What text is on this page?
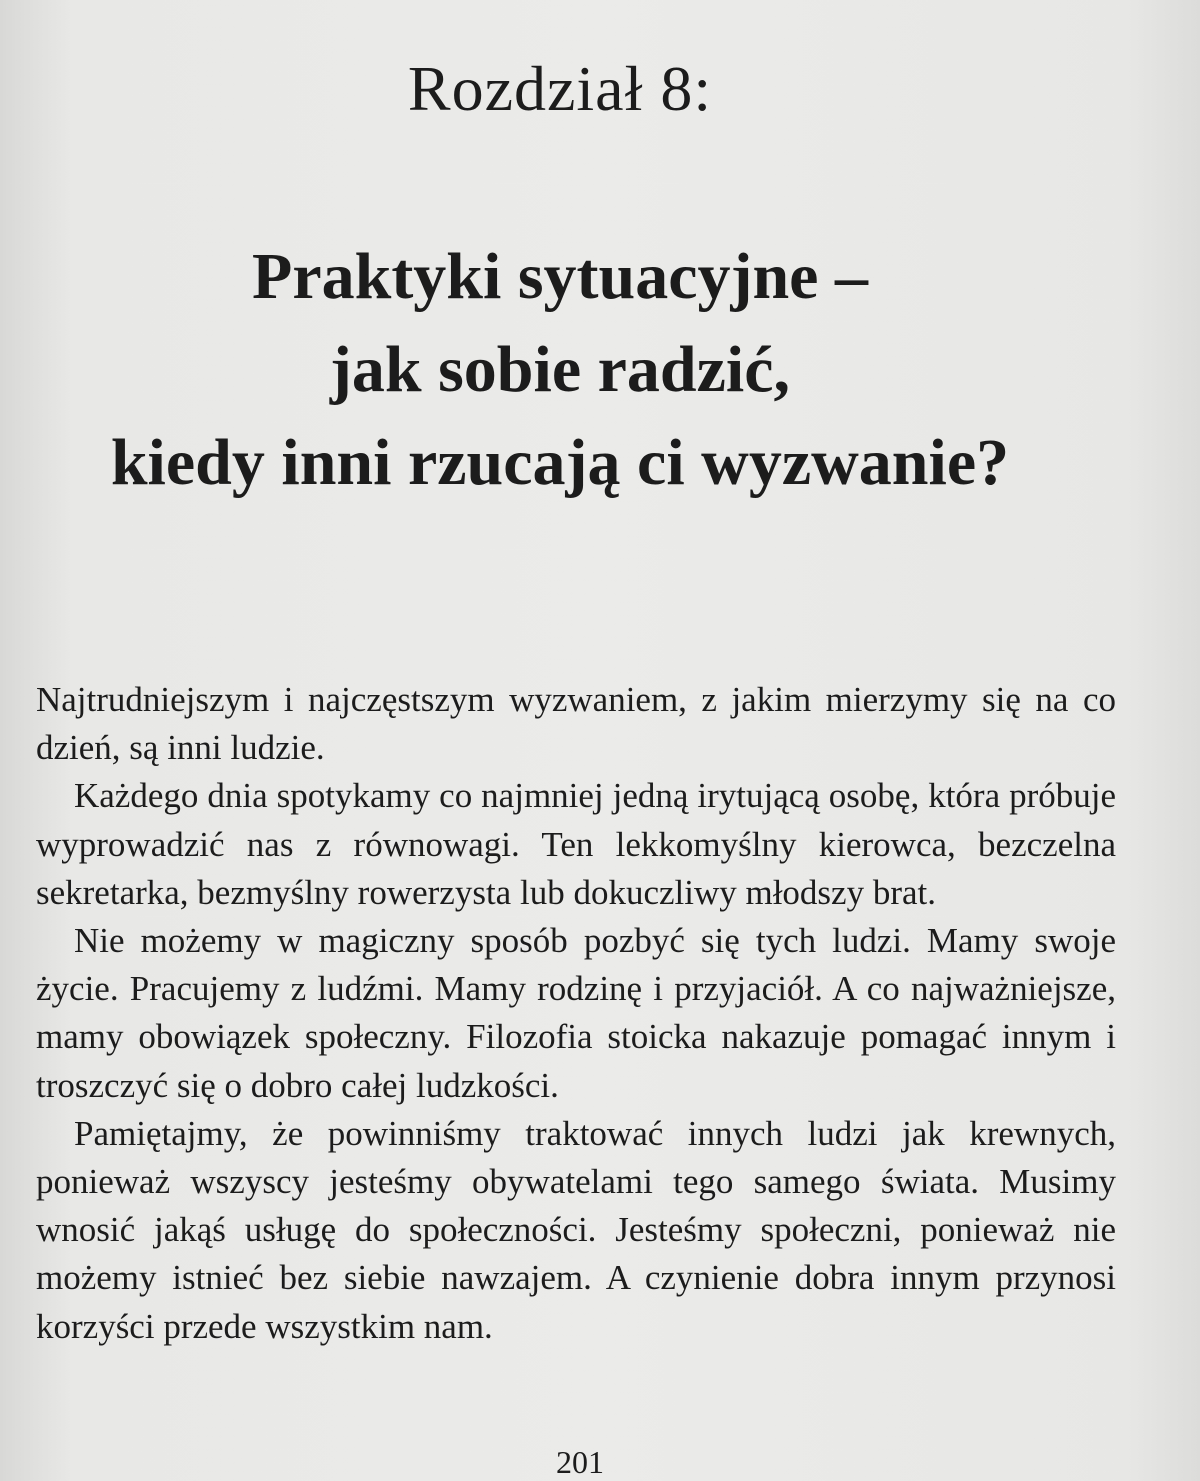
Rozdział 8:
Praktyki sytuacyjne –
jak sobie radzić,
kiedy inni rzucają ci wyzwanie?

Najtrudniejszym i najczęstszym wyzwaniem, z jakim mierzymy się na co dzień, są inni ludzie.

Każdego dnia spotykamy co najmniej jedną irytującą osobę, która próbuje wyprowadzić nas z równowagi. Ten lekkomyślny kierowca, bezczelna sekretarka, bezmyślny rowerzysta lub dokuczliwy młodszy brat.

Nie możemy w magiczny sposób pozbyć się tych ludzi. Mamy swoje życie. Pracujemy z ludźmi. Mamy rodzinę i przyjaciół. A co najważniejsze, mamy obowiązek społeczny. Filozofia stoicka nakazuje pomagać innym i troszczyć się o dobro całej ludzkości.

Pamiętajmy, że powinniśmy traktować innych ludzi jak krewnych, ponieważ wszyscy jesteśmy obywatelami tego samego świata. Musimy wnosić jakąś usługę do społeczności. Jesteśmy społeczni, ponieważ nie możemy istnieć bez siebie nawzajem. A czynienie dobra innym przynosi korzyści przede wszystkim nam.

201
